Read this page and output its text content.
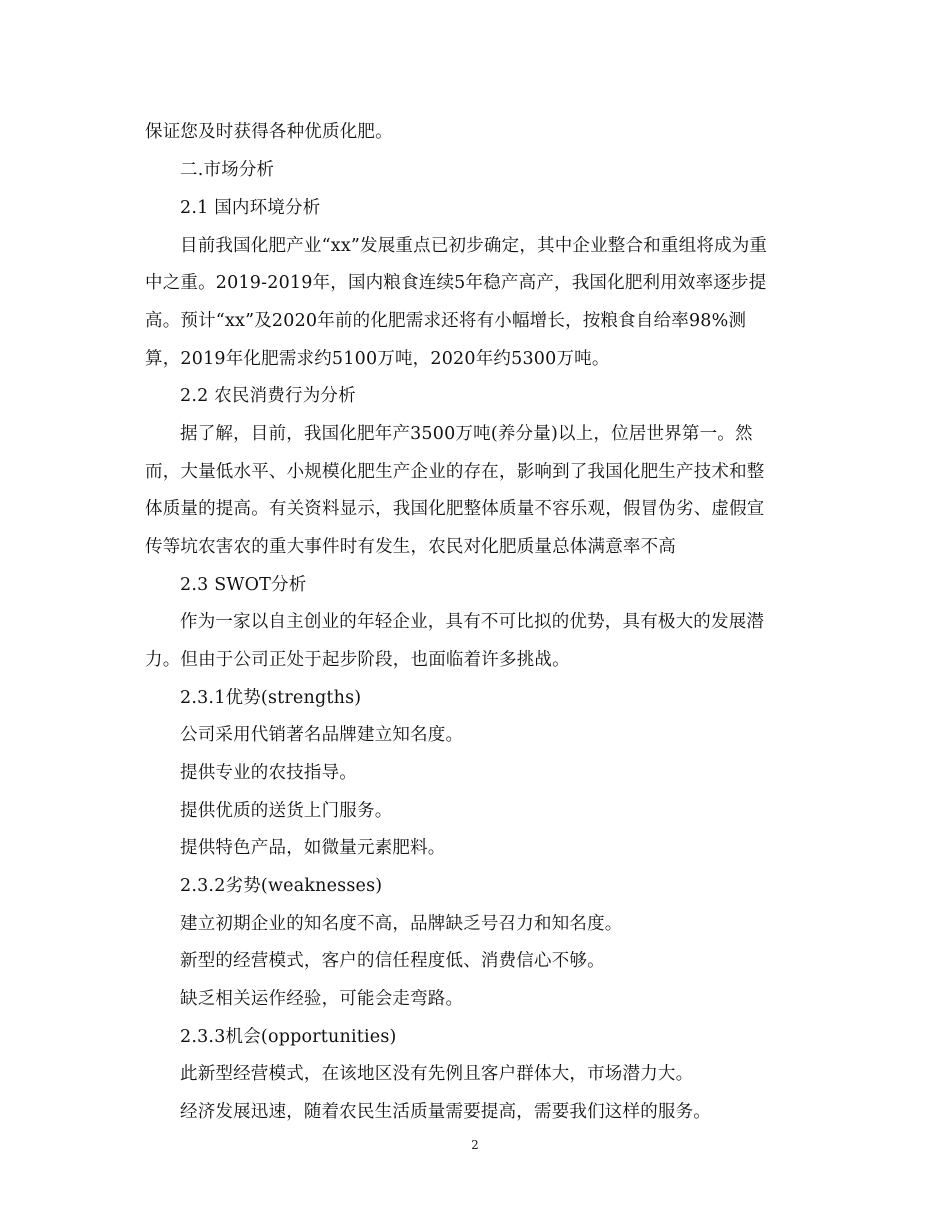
保证您及时获得各种优质化肥。
二.市场分析
2.1 国内环境分析
目前我国化肥产业“xx”发展重点已初步确定，其中企业整合和重组将成为重
中之重。2019-2019年，国内粮食连续5年稳产高产，我国化肥利用效率逐步提
高。预计“xx”及2020年前的化肥需求还将有小幅增长，按粮食自给率98%测
算，2019年化肥需求约5100万吨，2020年约5300万吨。
2.2 农民消费行为分析
据了解，目前，我国化肥年产3500万吨(养分量)以上，位居世界第一。然
而，大量低水平、小规模化肥生产企业的存在，影响到了我国化肥生产技术和整
体质量的提高。有关资料显示，我国化肥整体质量不容乐观，假冒伪劣、虚假宣
传等坑农害农的重大事件时有发生，农民对化肥质量总体满意率不高
2.3 SWOT分析
作为一家以自主创业的年轻企业，具有不可比拟的优势，具有极大的发展潜
力。但由于公司正处于起步阶段，也面临着许多挑战。
2.3.1优势(strengths)
公司采用代销著名品牌建立知名度。
提供专业的农技指导。
提供优质的送货上门服务。
提供特色产品，如微量元素肥料。
2.3.2劣势(weaknesses)
建立初期企业的知名度不高，品牌缺乏号召力和知名度。
新型的经营模式，客户的信任程度低、消费信心不够。
缺乏相关运作经验，可能会走弯路。
2.3.3机会(opportunities)
此新型经营模式，在该地区没有先例且客户群体大，市场潜力大。
经济发展迅速，随着农民生活质量需要提高，需要我们这样的服务。
2
